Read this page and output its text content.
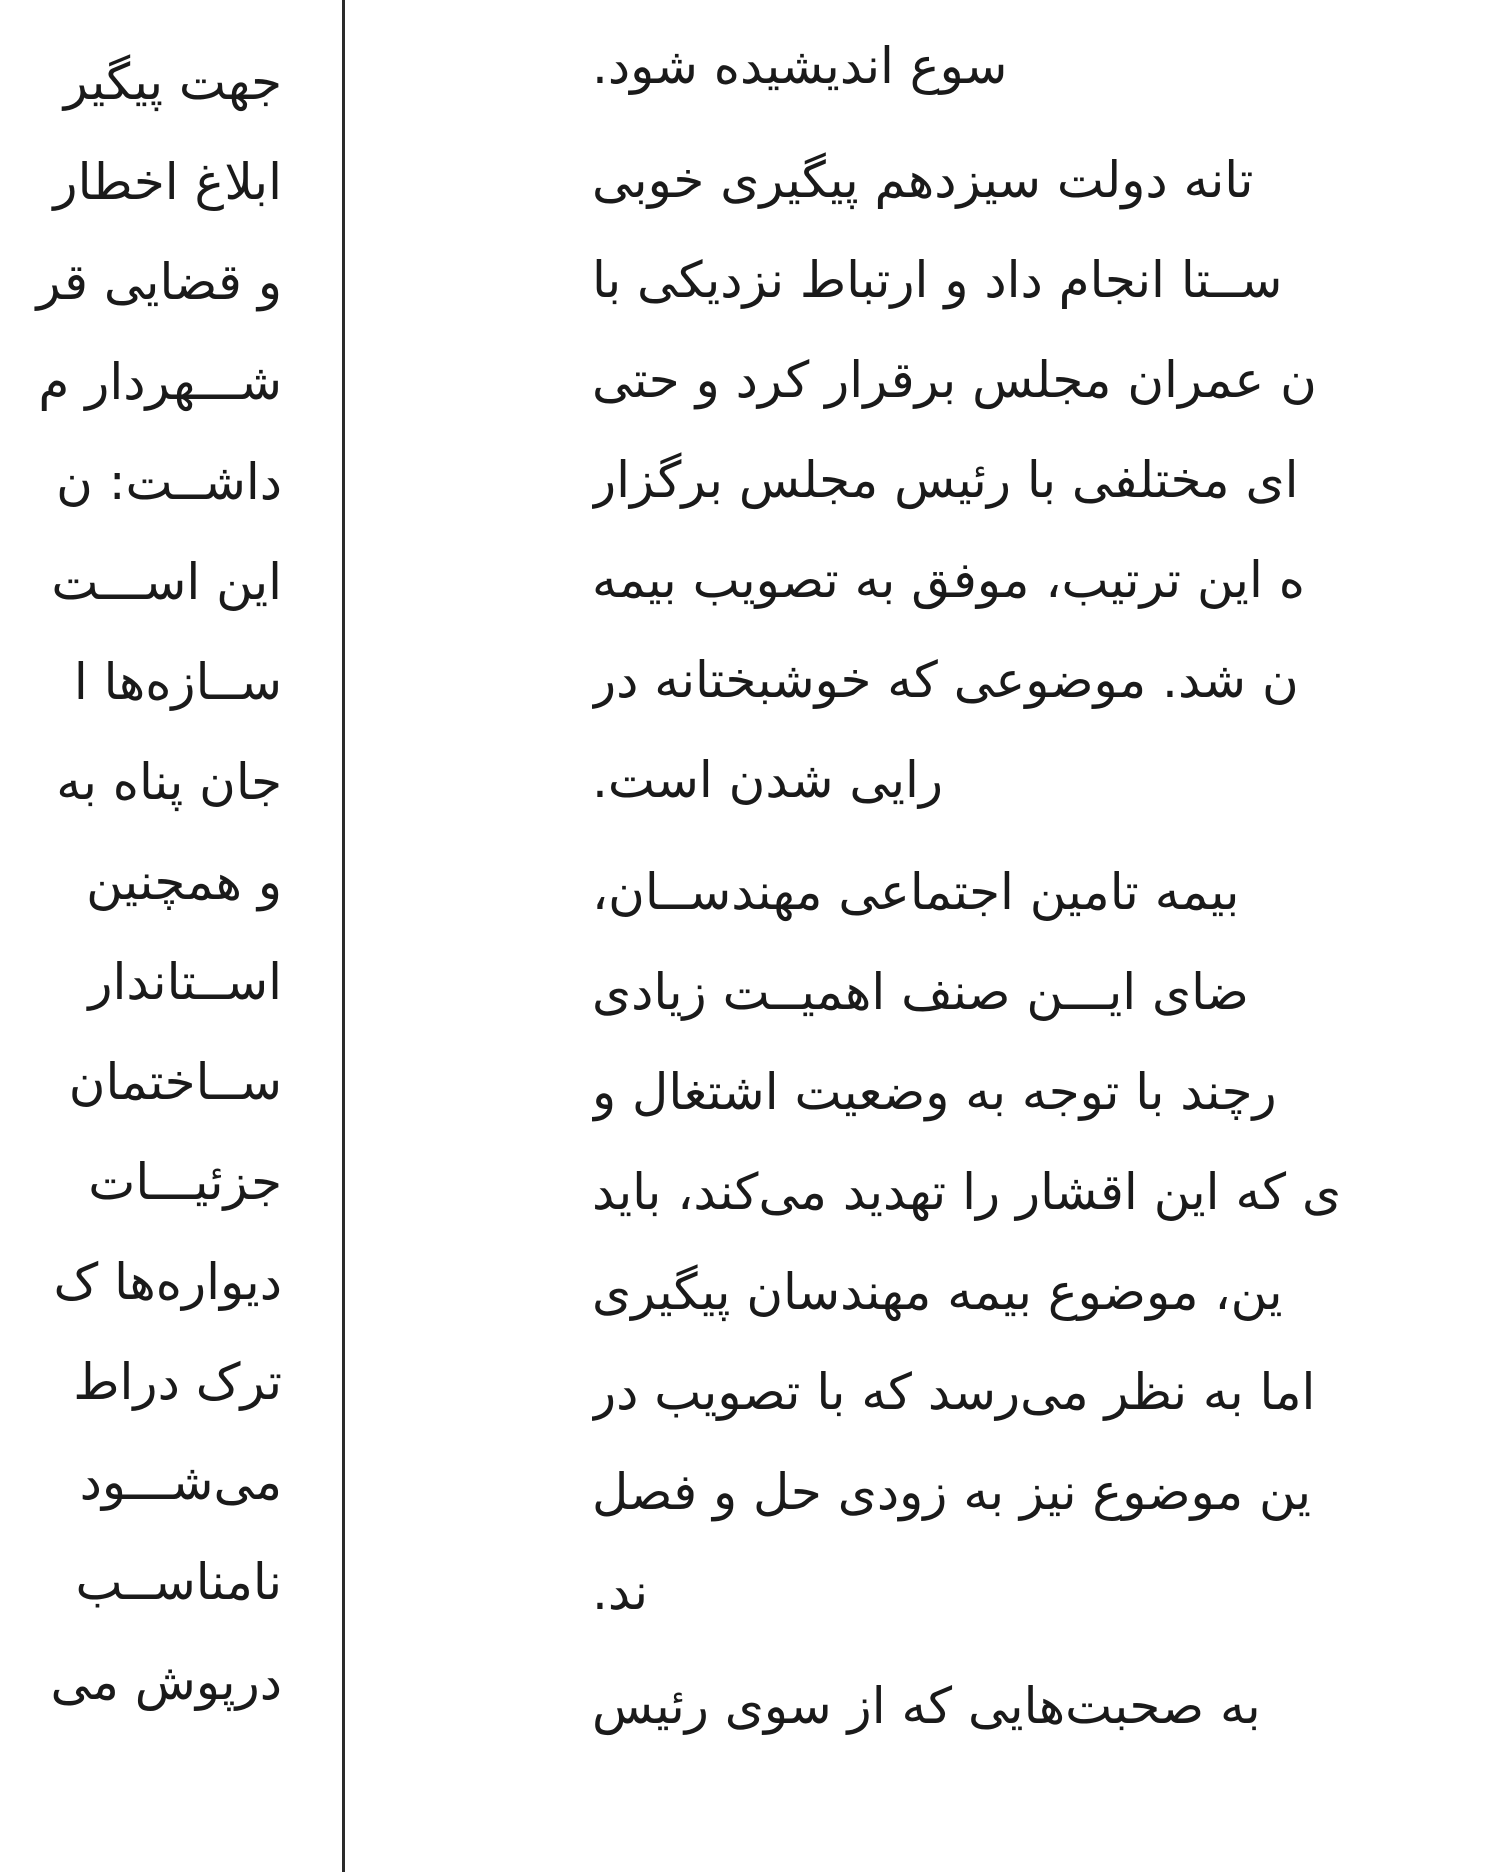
جهت پیگیر
ابلاغ اخطار
و قضایی قر
شـــهردار م
داشــت: ن
این اســـت
ســازه‌ها ا
جان پناه به
و همچنین
اســتاندار
ســاختمان
جزئیـــات
دیواره‌ها ک
ترک دراط
می‌شـــود
نامناســب
درپوش می
سوع اندیشیده شود.
تانه دولت سیزدهم پیگیری خوبی
ســتا انجام داد و ارتباط نزدیکی با
ن عمران مجلس برقرار کرد و حتی
ای مختلفی با رئیس مجلس برگزار
ه این ترتیب، موفق به تصویب بیمه
ن شد. موضوعی که خوشبختانه در
رایی شدن است.
بیمه تامین اجتماعی مهندســان،
ضای ایـــن صنف اهمیــت زیادی
رچند با توجه به وضعیت اشتغال و
ی که این اقشار را تهدید می‌کند، باید
ین، موضوع بیمه مهندسان پیگیری
اما به نظر می‌رسد که با تصویب در
ین موضوع نیز به زودی حل و فصل
ند.
به صحبت‌هایی که از سوی رئیس
